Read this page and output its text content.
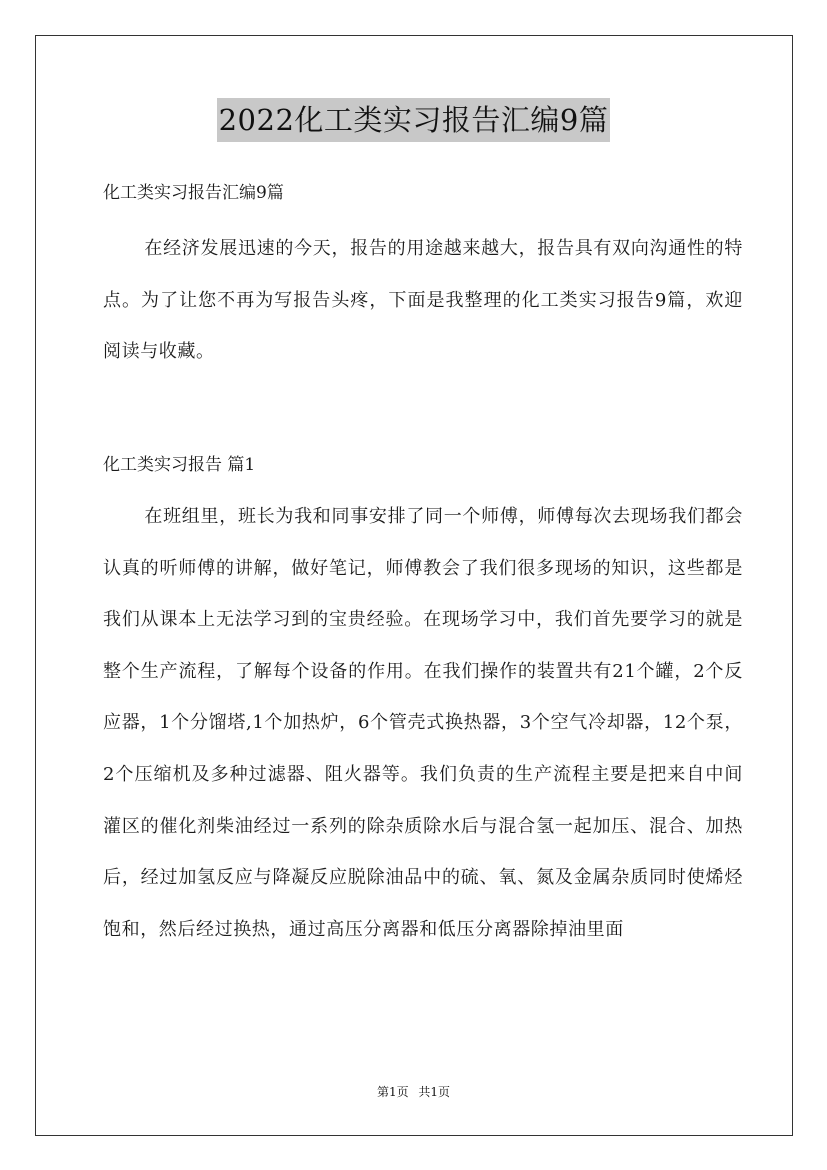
2022化工类实习报告汇编9篇
化工类实习报告汇编9篇

在经济发展迅速的今天，报告的用途越来越大，报告具有双向沟通性的特点。为了让您不再为写报告头疼，下面是我整理的化工类实习报告9篇，欢迎阅读与收藏。

化工类实习报告 篇1

在班组里，班长为我和同事安排了同一个师傅，师傅每次去现场我们都会认真的听师傅的讲解，做好笔记，师傅教会了我们很多现场的知识，这些都是我们从课本上无法学习到的宝贵经验。在现场学习中，我们首先要学习的就是整个生产流程，了解每个设备的作用。在我们操作的装置共有21个罐，2个反应器，1个分馏塔,1个加热炉，6个管壳式换热器，3个空气冷却器，12个泵，2个压缩机及多种过滤器、阻火器等。我们负责的生产流程主要是把来自中间灌区的催化剂柴油经过一系列的除杂质除水后与混合氢一起加压、混合、加热后，经过加氢反应与降凝反应脱除油品中的硫、氧、氮及金属杂质同时使烯烃饱和，然后经过换热，通过高压分离器和低压分离器除掉油里面

第1页 共1页
